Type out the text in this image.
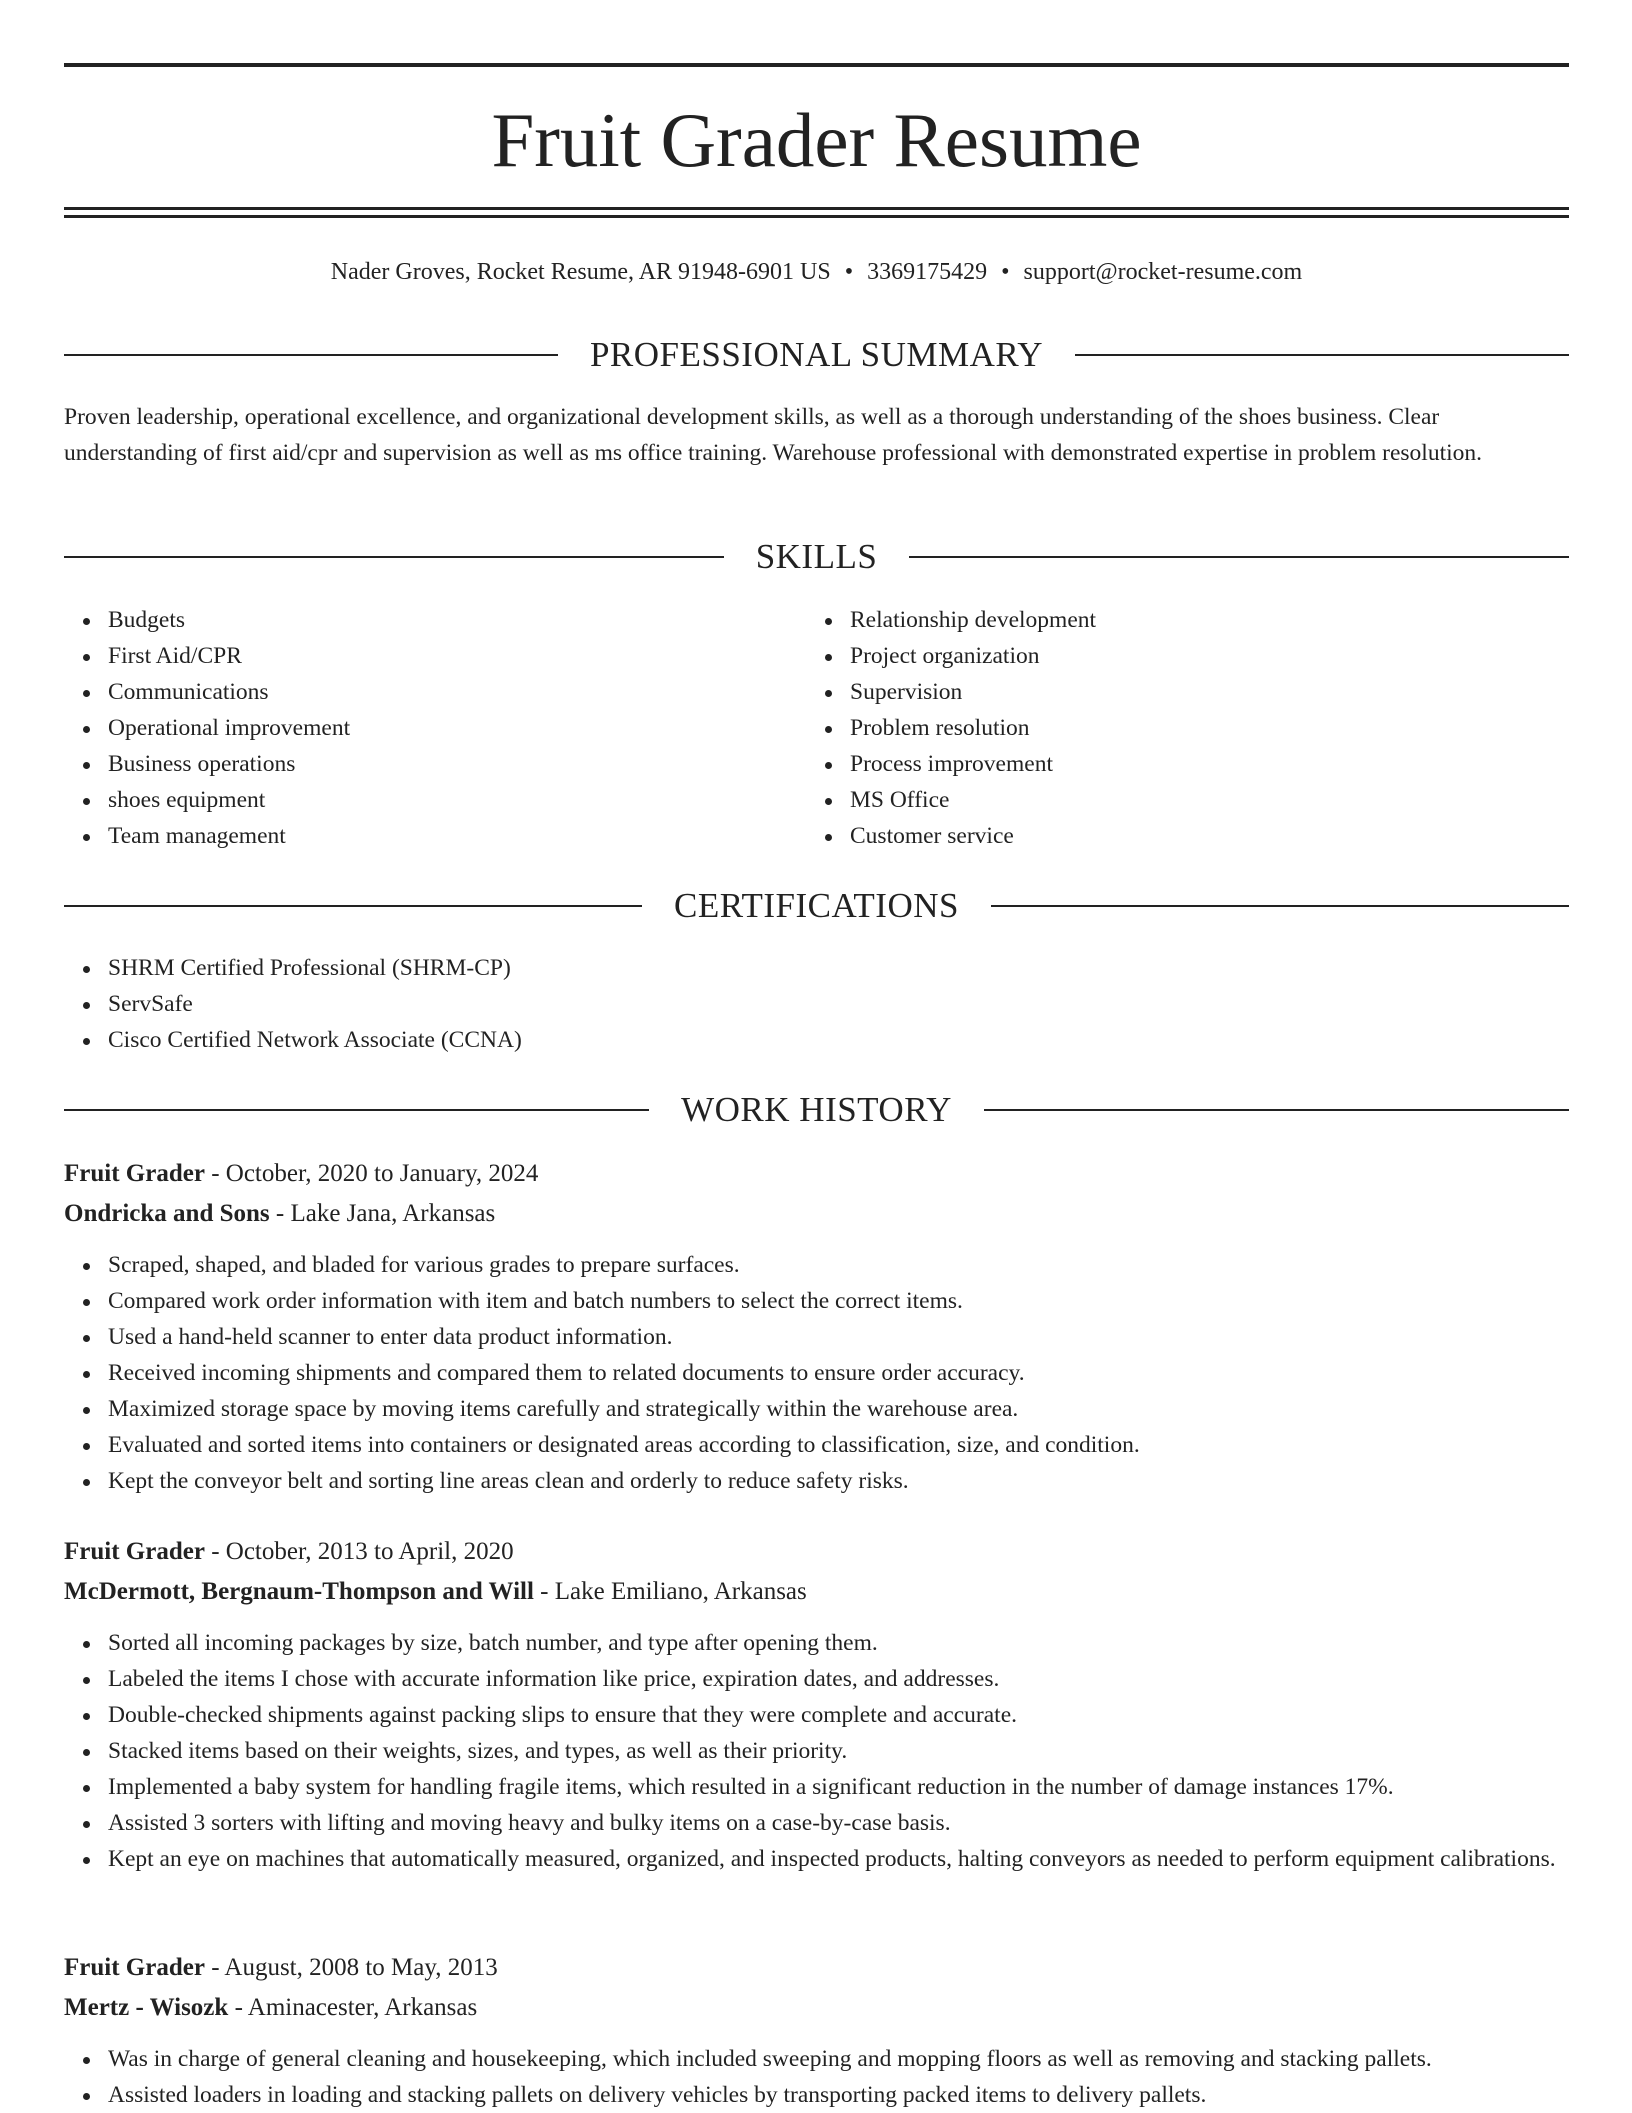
Fruit Grader Resume
Nader Groves, Rocket Resume, AR 91948-6901 US • 3369175429 • support@rocket-resume.com
PROFESSIONAL SUMMARY

Proven leadership, operational excellence, and organizational development skills, as well as a thorough understanding of the shoes business. Clear understanding of first aid/cpr and supervision as well as ms office training. Warehouse professional with demonstrated expertise in problem resolution.

SKILLS
Budgets
First Aid/CPR
Communications
Operational improvement
Business operations
shoes equipment
Team management
Relationship development
Project organization
Supervision
Problem resolution
Process improvement
MS Office
Customer service
CERTIFICATIONS
SHRM Certified Professional (SHRM-CP)
ServSafe
Cisco Certified Network Associate (CCNA)
WORK HISTORY
Fruit Grader - October, 2020 to January, 2024
Ondricka and Sons - Lake Jana, Arkansas
Scraped, shaped, and bladed for various grades to prepare surfaces.
Compared work order information with item and batch numbers to select the correct items.
Used a hand-held scanner to enter data product information.
Received incoming shipments and compared them to related documents to ensure order accuracy.
Maximized storage space by moving items carefully and strategically within the warehouse area.
Evaluated and sorted items into containers or designated areas according to classification, size, and condition.
Kept the conveyor belt and sorting line areas clean and orderly to reduce safety risks.
Fruit Grader - October, 2013 to April, 2020
McDermott, Bergnaum-Thompson and Will - Lake Emiliano, Arkansas
Sorted all incoming packages by size, batch number, and type after opening them.
Labeled the items I chose with accurate information like price, expiration dates, and addresses.
Double-checked shipments against packing slips to ensure that they were complete and accurate.
Stacked items based on their weights, sizes, and types, as well as their priority.
Implemented a baby system for handling fragile items, which resulted in a significant reduction in the number of damage instances 17%.
Assisted 3 sorters with lifting and moving heavy and bulky items on a case-by-case basis.
Kept an eye on machines that automatically measured, organized, and inspected products, halting conveyors as needed to perform equipment calibrations.
Fruit Grader - August, 2008 to May, 2013
Mertz - Wisozk - Aminacester, Arkansas
Was in charge of general cleaning and housekeeping, which included sweeping and mopping floors as well as removing and stacking pallets.
Assisted loaders in loading and stacking pallets on delivery vehicles by transporting packed items to delivery pallets.
